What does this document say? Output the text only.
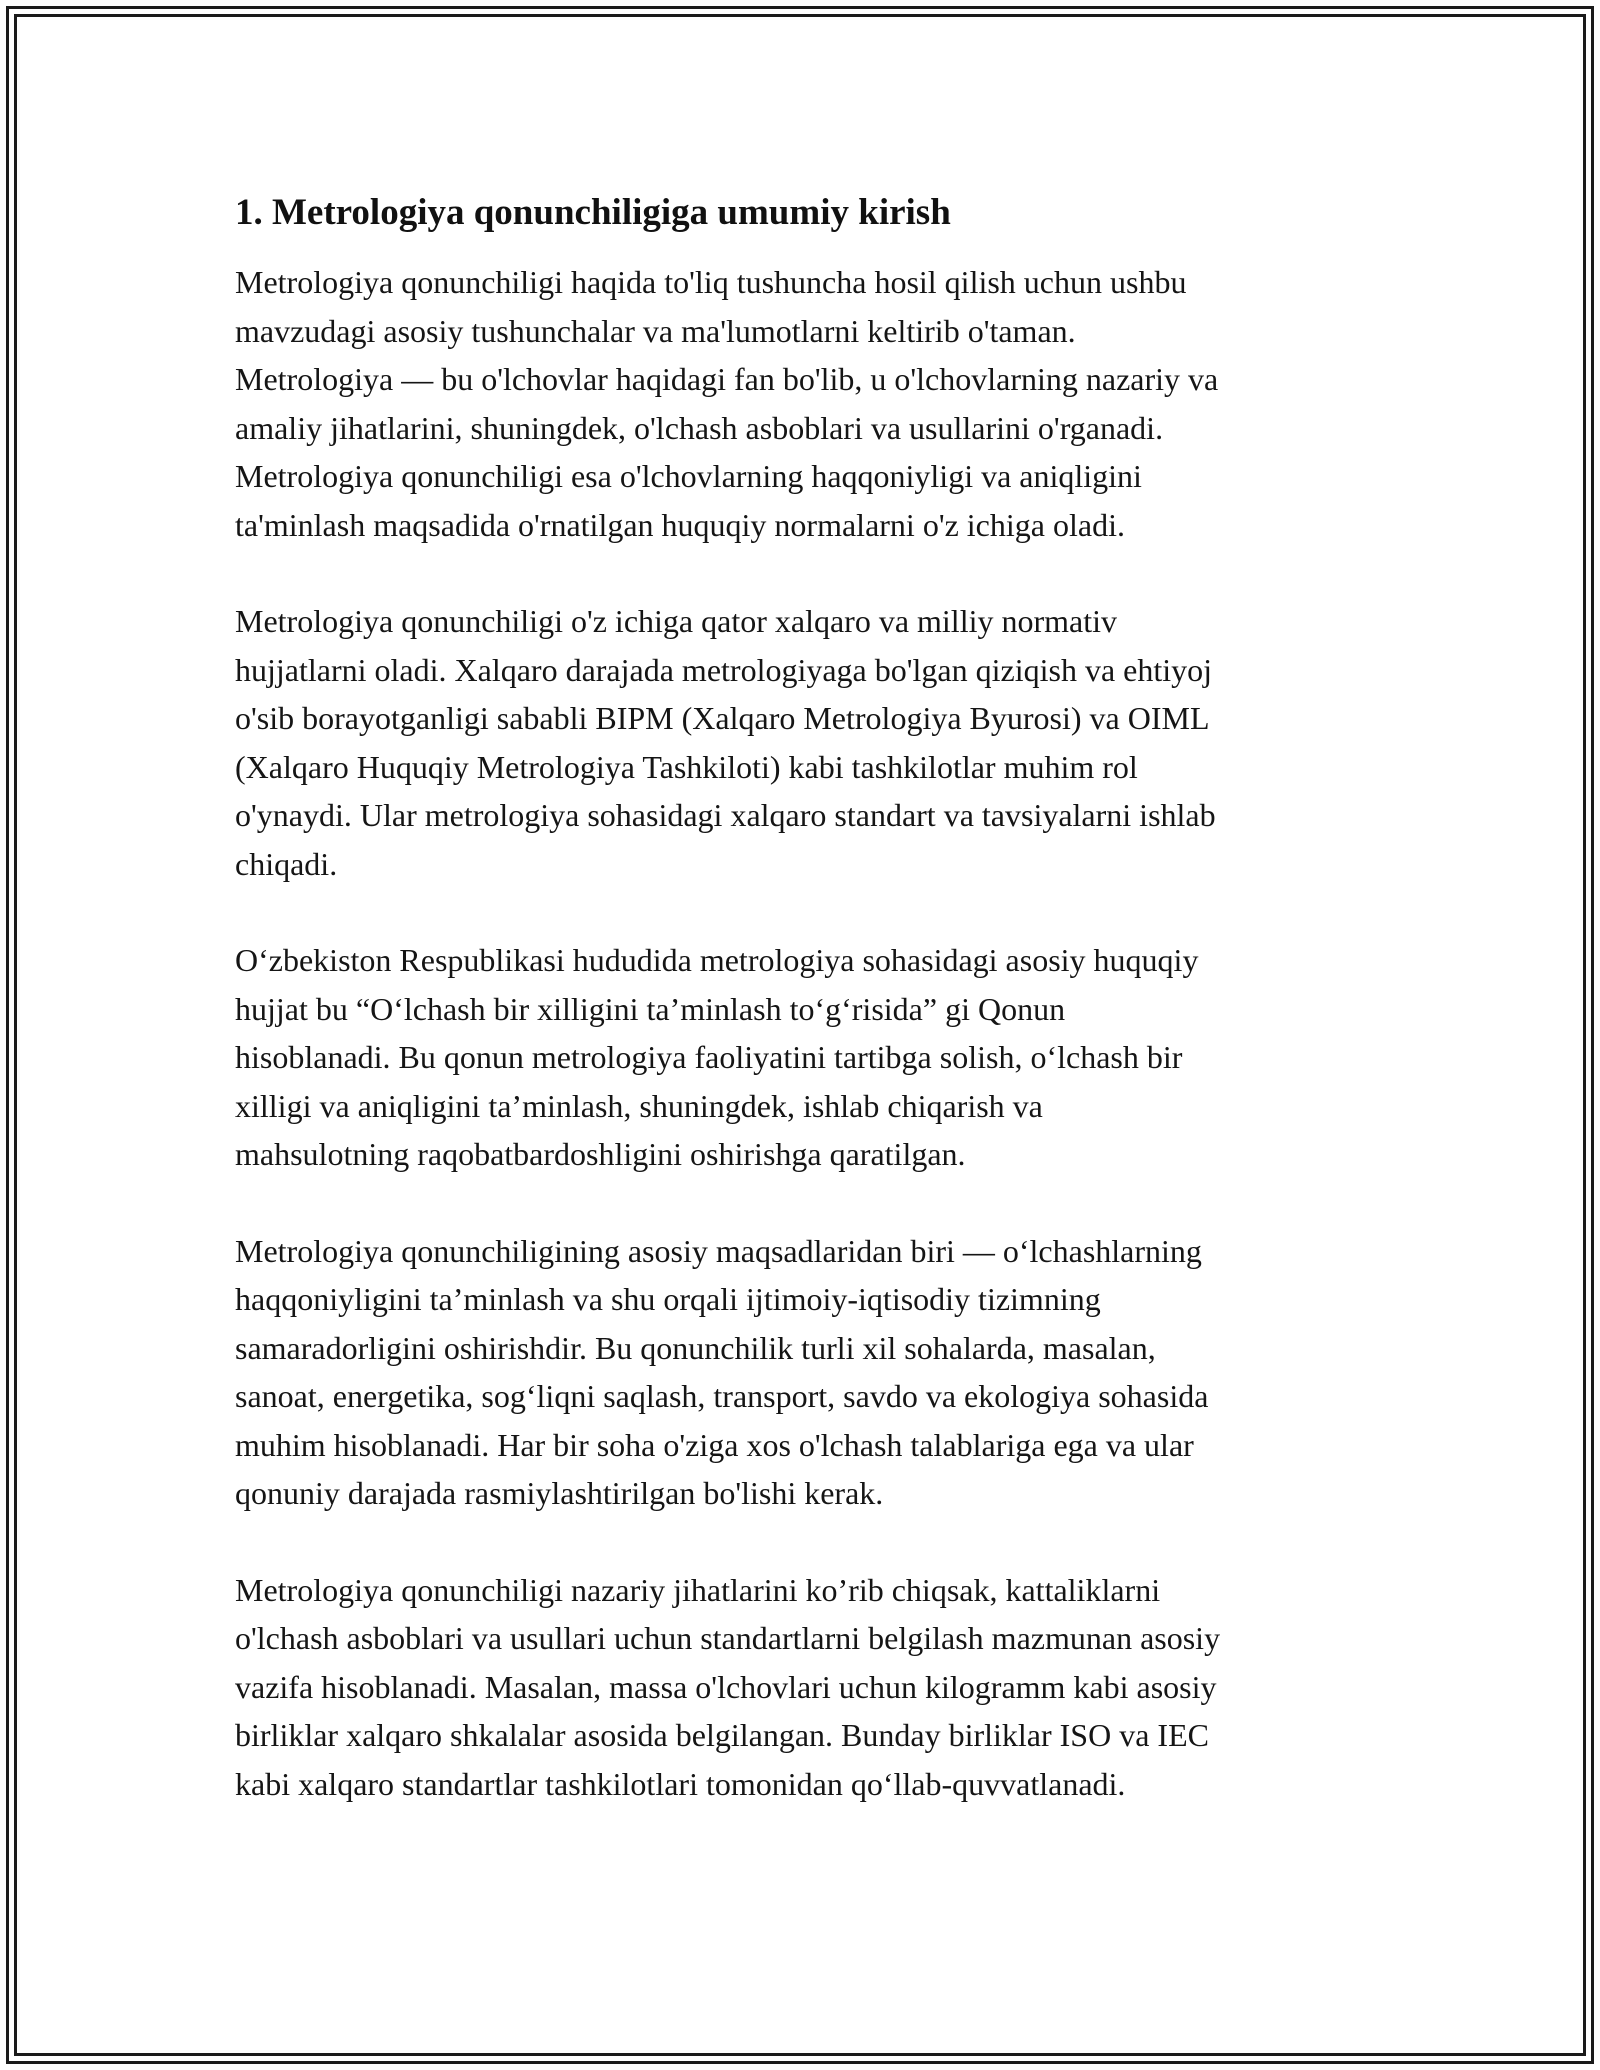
1. Metrologiya qonunchiligiga umumiy kirish

Metrologiya qonunchiligi haqida to'liq tushuncha hosil qilish uchun ushbu
mavzudagi asosiy tushunchalar va ma'lumotlarni keltirib o'taman.
Metrologiya — bu o'lchovlar haqidagi fan bo'lib, u o'lchovlarning nazariy va
amaliy jihatlarini, shuningdek, o'lchash asboblari va usullarini o'rganadi.
Metrologiya qonunchiligi esa o'lchovlarning haqqoniyligi va aniqligini
ta'minlash maqsadida o'rnatilgan huquqiy normalarni o'z ichiga oladi.

Metrologiya qonunchiligi o'z ichiga qator xalqaro va milliy normativ
hujjatlarni oladi. Xalqaro darajada metrologiyaga bo'lgan qiziqish va ehtiyoj
o'sib borayotganligi sababli BIPM (Xalqaro Metrologiya Byurosi) va OIML
(Xalqaro Huquqiy Metrologiya Tashkiloti) kabi tashkilotlar muhim rol
o'ynaydi. Ular metrologiya sohasidagi xalqaro standart va tavsiyalarni ishlab
chiqadi.

O‘zbekiston Respublikasi hududida metrologiya sohasidagi asosiy huquqiy
hujjat bu “O‘lchash bir xilligini ta’minlash to‘g‘risida” gi Qonun
hisoblanadi. Bu qonun metrologiya faoliyatini tartibga solish, o‘lchash bir
xilligi va aniqligini ta’minlash, shuningdek, ishlab chiqarish va
mahsulotning raqobatbardoshligini oshirishga qaratilgan.

Metrologiya qonunchiligining asosiy maqsadlaridan biri — o‘lchashlarning
haqqoniyligini ta’minlash va shu orqali ijtimoiy-iqtisodiy tizimning
samaradorligini oshirishdir. Bu qonunchilik turli xil sohalarda, masalan,
sanoat, energetika, sog‘liqni saqlash, transport, savdo va ekologiya sohasida
muhim hisoblanadi. Har bir soha o'ziga xos o'lchash talablariga ega va ular
qonuniy darajada rasmiylashtirilgan bo'lishi kerak.

Metrologiya qonunchiligi nazariy jihatlarini ko’rib chiqsak, kattaliklarni
o'lchash asboblari va usullari uchun standartlarni belgilash mazmunan asosiy
vazifa hisoblanadi. Masalan, massa o'lchovlari uchun kilogramm kabi asosiy
birliklar xalqaro shkalalar asosida belgilangan. Bunday birliklar ISO va IEC
kabi xalqaro standartlar tashkilotlari tomonidan qo‘llab-quvvatlanadi.
